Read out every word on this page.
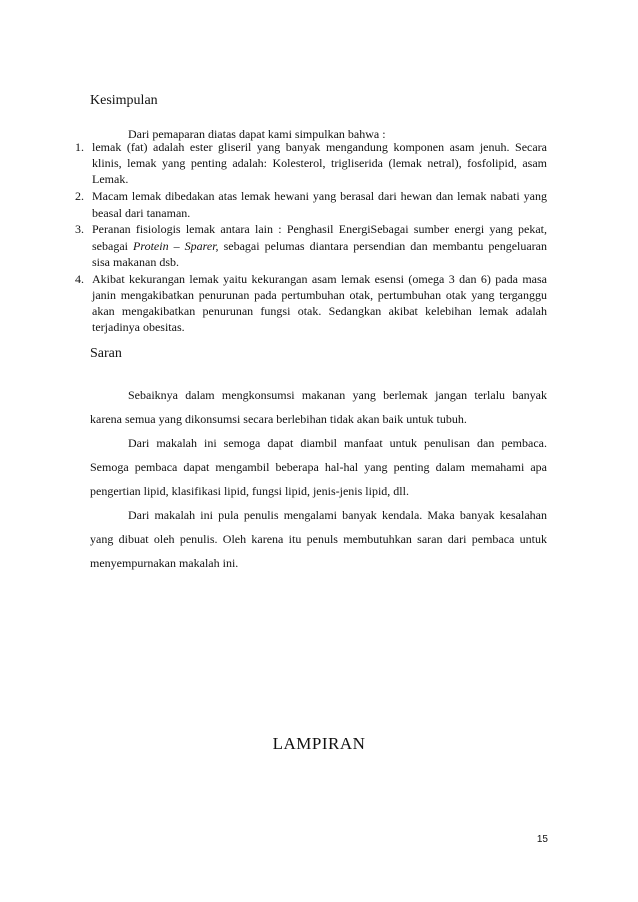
Kesimpulan
Dari pemaparan diatas dapat kami simpulkan bahwa :
1. lemak (fat) adalah ester gliseril yang banyak mengandung komponen asam jenuh. Secara klinis, lemak yang penting adalah: Kolesterol, trigliserida (lemak netral), fosfolipid, asam Lemak.
2. Macam lemak dibedakan atas lemak hewani yang berasal dari hewan dan lemak nabati yang beasal dari tanaman.
3. Peranan fisiologis lemak antara lain : Penghasil EnergiSebagai sumber energi yang pekat, sebagai Protein – Sparer, sebagai pelumas diantara persendian dan membantu pengeluaran sisa makanan dsb.
4. Akibat kekurangan lemak yaitu kekurangan asam lemak esensi (omega 3 dan 6) pada masa janin mengakibatkan penurunan pada pertumbuhan otak, pertumbuhan otak yang terganggu akan mengakibatkan penurunan fungsi otak. Sedangkan akibat kelebihan lemak adalah terjadinya obesitas.
Saran

Sebaiknya dalam mengkonsumsi makanan yang berlemak jangan terlalu banyak karena semua yang dikonsumsi secara berlebihan tidak akan baik untuk tubuh.

Dari makalah ini semoga dapat diambil manfaat untuk penulisan dan pembaca. Semoga pembaca dapat mengambil beberapa hal-hal yang penting dalam memahami apa pengertian lipid, klasifikasi lipid, fungsi lipid, jenis-jenis lipid, dll.

Dari makalah ini pula penulis mengalami banyak kendala. Maka banyak kesalahan yang dibuat oleh penulis. Oleh karena itu penuls membutuhkan saran dari pembaca untuk menyempurnakan makalah ini.

LAMPIRAN
15
